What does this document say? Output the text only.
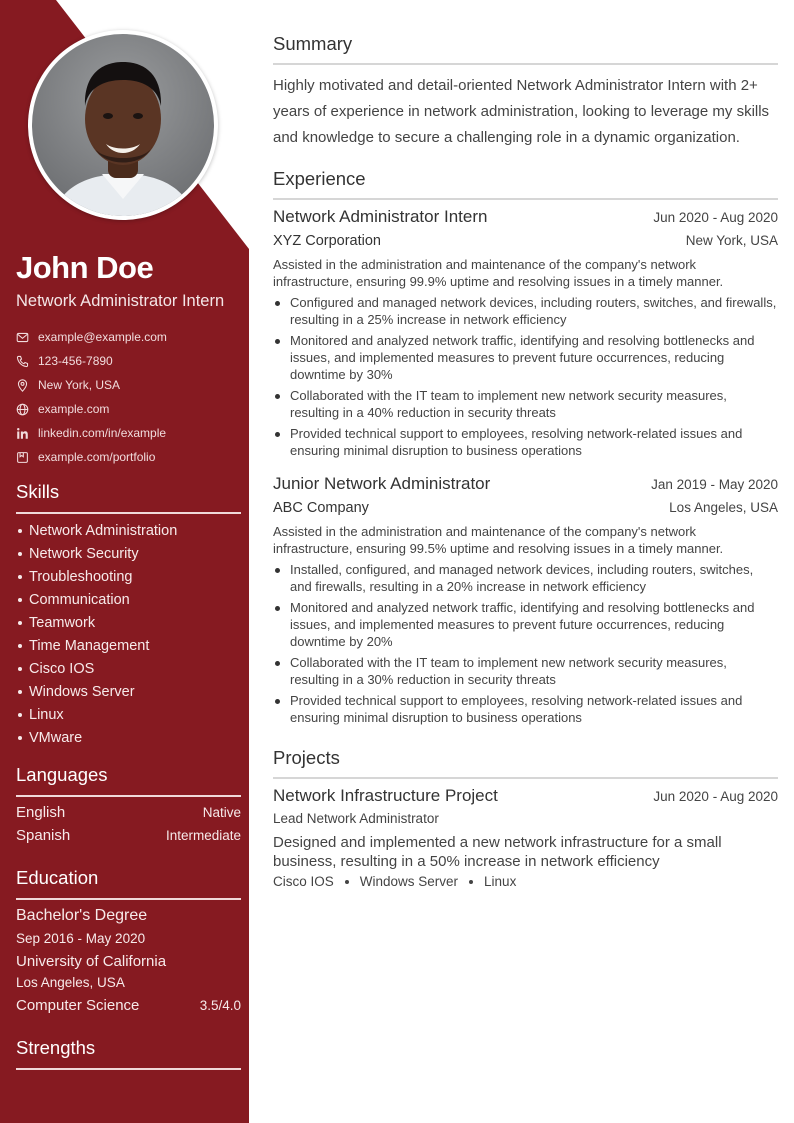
John Doe
Network Administrator Intern
example@example.com
123-456-7890
New York, USA
example.com
linkedin.com/in/example
example.com/portfolio
Skills
Network Administration
Network Security
Troubleshooting
Communication
Teamwork
Time Management
Cisco IOS
Windows Server
Linux
VMware
Languages
English	Native
Spanish	Intermediate
Education
Bachelor's Degree
Sep 2016 - May 2020
University of California
Los Angeles, USA
Computer Science	3.5/4.0
Strengths
Summary

Highly motivated and detail-oriented Network Administrator Intern with 2+ years of experience in network administration, looking to leverage my skills and knowledge to secure a challenging role in a dynamic organization.

Experience
Network Administrator Intern	Jun 2020 - Aug 2020
XYZ Corporation	New York, USA

Assisted in the administration and maintenance of the company's network infrastructure, ensuring 99.9% uptime and resolving issues in a timely manner.

Configured and managed network devices, including routers, switches, and firewalls, resulting in a 25% increase in network efficiency
Monitored and analyzed network traffic, identifying and resolving bottlenecks and issues, and implemented measures to prevent future occurrences, reducing downtime by 30%
Collaborated with the IT team to implement new network security measures, resulting in a 40% reduction in security threats
Provided technical support to employees, resolving network-related issues and ensuring minimal disruption to business operations
Junior Network Administrator	Jan 2019 - May 2020
ABC Company	Los Angeles, USA

Assisted in the administration and maintenance of the company's network infrastructure, ensuring 99.5% uptime and resolving issues in a timely manner.

Installed, configured, and managed network devices, including routers, switches, and firewalls, resulting in a 20% increase in network efficiency
Monitored and analyzed network traffic, identifying and resolving bottlenecks and issues, and implemented measures to prevent future occurrences, reducing downtime by 20%
Collaborated with the IT team to implement new network security measures, resulting in a 30% reduction in security threats
Provided technical support to employees, resolving network-related issues and ensuring minimal disruption to business operations
Projects
Network Infrastructure Project	Jun 2020 - Aug 2020
Lead Network Administrator

Designed and implemented a new network infrastructure for a small business, resulting in a 50% increase in network efficiency

Cisco IOS Windows Server Linux
